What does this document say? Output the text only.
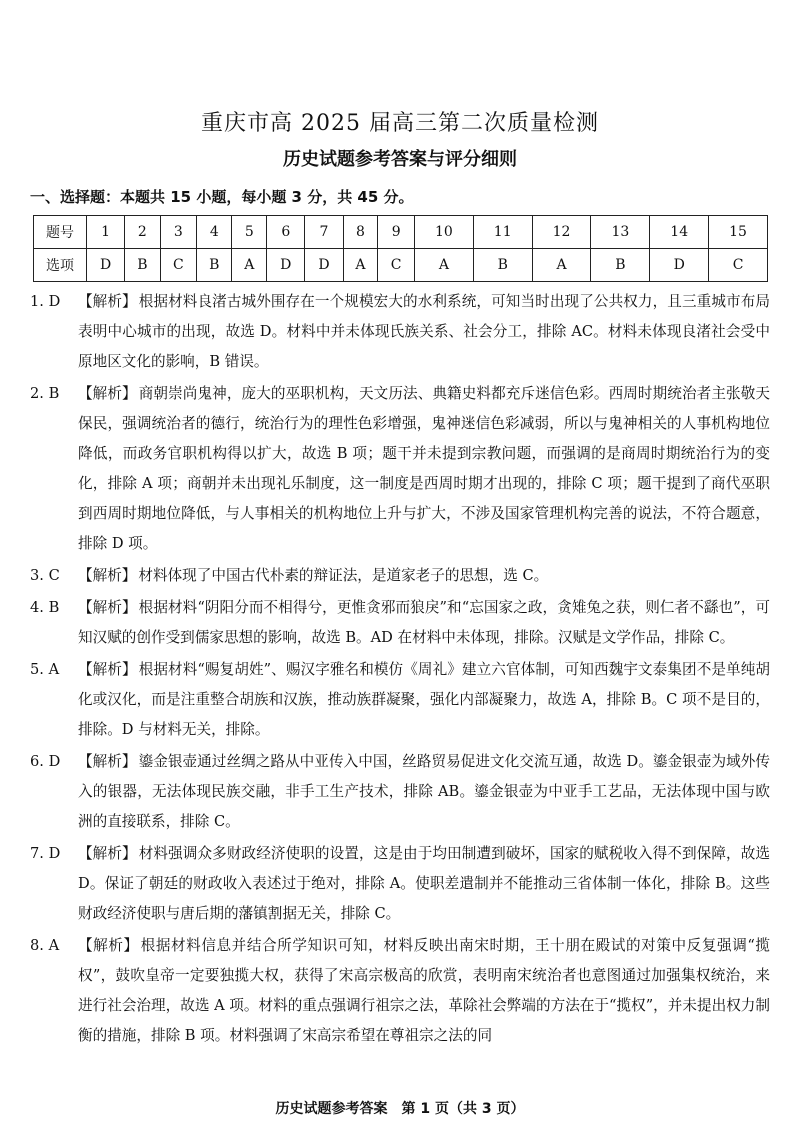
重庆市高 2025 届高三第二次质量检测
历史试题参考答案与评分细则
一、选择题：本题共 15 小题，每小题 3 分，共 45 分。
题号	1	2	3	4	5	6	7	8	9	10	11	12	13	14	15
选项	D	B	C	B	A	D	D	A	C	A	B	A	B	D	C
1. D	【解析】 根据材料良渚古城外围存在一个规模宏大的水利系统，可知当时出现了公共权力，且三重城市布局表明中心城市的出现，故选 D。材料中并未体现氏族关系、社会分工，排除 AC。材料未体现良渚社会受中原地区文化的影响，B 错误。
2. B	【解析】 商朝崇尚鬼神，庞大的巫职机构，天文历法、典籍史料都充斥迷信色彩。西周时期统治者主张敬天保民，强调统治者的德行，统治行为的理性色彩增强，鬼神迷信色彩减弱，所以与鬼神相关的人事机构地位降低，而政务官职机构得以扩大，故选 B 项；题干并未提到宗教问题，而强调的是商周时期统治行为的变化，排除 A 项；商朝并未出现礼乐制度，这一制度是西周时期才出现的，排除 C 项；题干提到了商代巫职到西周时期地位降低，与人事相关的机构地位上升与扩大，不涉及国家管理机构完善的说法，不符合题意，排除 D 项。
3. C	【解析】 材料体现了中国古代朴素的辩证法，是道家老子的思想，选 C。
4. B	【解析】 根据材料“阴阳分而不相得兮，更惟贪邪而狼戾”和“忘国家之政，贪雉兔之获，则仁者不繇也”，可知汉赋的创作受到儒家思想的影响，故选 B。AD 在材料中未体现，排除。汉赋是文学作品，排除 C。
5. A	【解析】 根据材料“赐复胡姓”、赐汉字雅名和模仿《周礼》建立六官体制，可知西魏宇文泰集团不是单纯胡化或汉化，而是注重整合胡族和汉族，推动族群凝聚，强化内部凝聚力，故选 A，排除 B。C 项不是目的，排除。D 与材料无关，排除。
6. D	【解析】 鎏金银壶通过丝绸之路从中亚传入中国，丝路贸易促进文化交流互通，故选 D。鎏金银壶为域外传入的银器，无法体现民族交融，非手工生产技术，排除 AB。鎏金银壶为中亚手工艺品，无法体现中国与欧洲的直接联系，排除 C。
7. D	【解析】 材料强调众多财政经济使职的设置，这是由于均田制遭到破坏，国家的赋税收入得不到保障，故选 D。保证了朝廷的财政收入表述过于绝对，排除 A。使职差遣制并不能推动三省体制一体化，排除 B。这些财政经济使职与唐后期的藩镇割据无关，排除 C。
8. A	【解析】 根据材料信息并结合所学知识可知，材料反映出南宋时期，王十朋在殿试的对策中反复强调“揽权”，鼓吹皇帝一定要独揽大权，获得了宋高宗极高的欣赏，表明南宋统治者也意图通过加强集权统治，来进行社会治理，故选 A 项。材料的重点强调行祖宗之法，革除社会弊端的方法在于“揽权”，并未提出权力制衡的措施，排除 B 项。材料强调了宋高宗希望在尊祖宗之法的同
历史试题参考答案　第 1 页（共 3 页）
